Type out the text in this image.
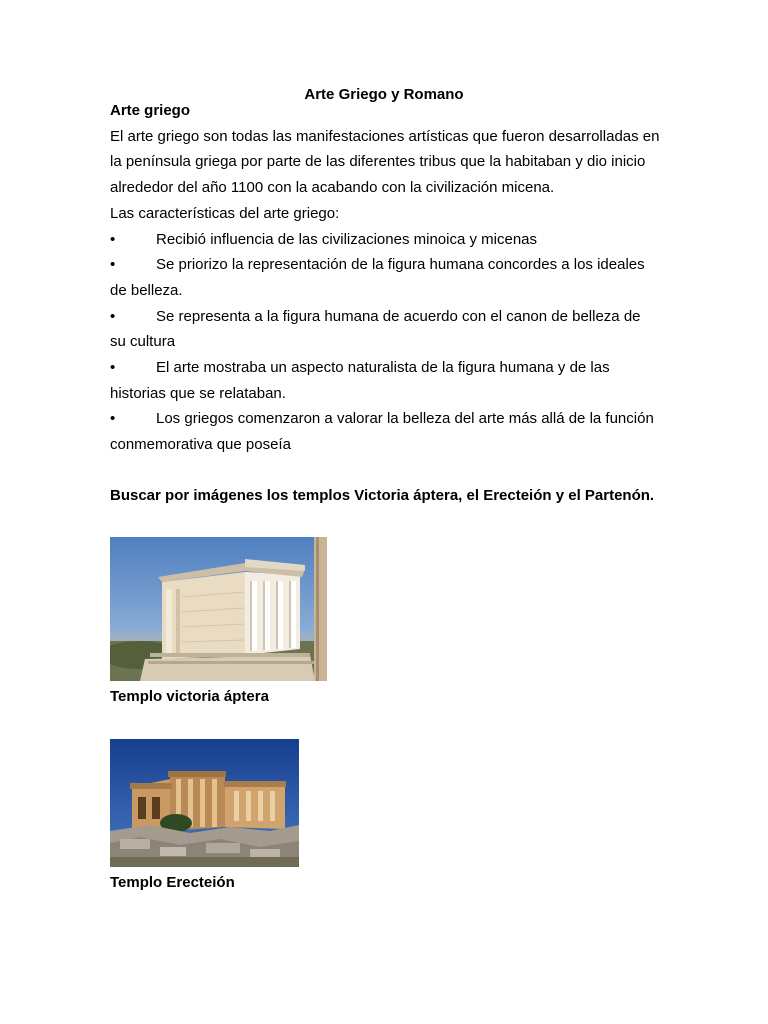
Arte Griego y Romano
Arte griego
El arte griego son todas las manifestaciones artísticas que fueron desarrolladas en la península griega por parte de las diferentes tribus que la habitaban y dio inicio alrededor del año 1100 con la acabando con la civilización micena.
Las características del arte griego:
•	Recibió influencia de las civilizaciones minoica y micenas
•	Se priorizo la representación de la figura humana concordes a los ideales de belleza.
•	Se representa a la figura humana de acuerdo con el canon de belleza de su cultura
•	El arte mostraba un aspecto naturalista de la figura humana y de las historias que se relataban.
•	Los griegos comenzaron a valorar la belleza del arte más allá de la función conmemorativa que poseía
Buscar por imágenes los templos Victoria áptera, el Erecteión y el Partenón.
Templo victoria áptera
Templo Erecteión
